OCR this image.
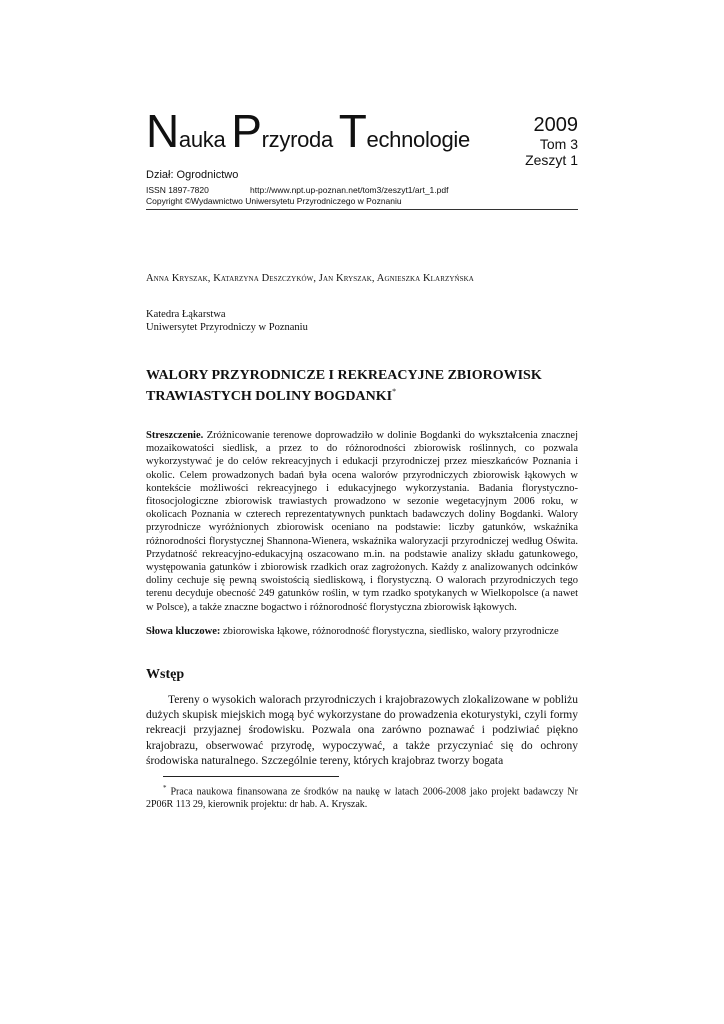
Nauka Przyroda Technologie
2009
Tom 3
Zeszyt 1
Dział: Ogrodnictwo
ISSN 1897-7820	http://www.npt.up-poznan.net/tom3/zeszyt1/art_1.pdf
Copyright ©Wydawnictwo Uniwersytetu Przyrodniczego w Poznaniu
Anna Kryszak, Katarzyna Deszczyków, Jan Kryszak, Agnieszka Klarzyńska
Katedra Łąkarstwa
Uniwersytet Przyrodniczy w Poznaniu
WALORY PRZYRODNICZE I REKREACYJNE ZBIOROWISK
TRAWIASTYCH DOLINY BOGDANKI*

Streszczenie. Zróżnicowanie terenowe doprowadziło w dolinie Bogdanki do wykształcenia znacznej mozaikowatości siedlisk, a przez to do różnorodności zbiorowisk roślinnych, co pozwala wykorzystywać je do celów rekreacyjnych i edukacji przyrodniczej przez mieszkańców Poznania i okolic. Celem prowadzonych badań była ocena walorów przyrodniczych zbiorowisk łąkowych w kontekście możliwości rekreacyjnego i edukacyjnego wykorzystania. Badania florystyczno-fitosocjologiczne zbiorowisk trawiastych prowadzono w sezonie wegetacyjnym 2006 roku, w okolicach Poznania w czterech reprezentatywnych punktach badawczych doliny Bogdanki. Walory przyrodnicze wyróżnionych zbiorowisk oceniano na podstawie: liczby gatunków, wskaźnika różnorodności florystycznej Shannona-Wienera, wskaźnika waloryzacji przyrodniczej według Oświta. Przydatność rekreacyjno-edukacyjną oszacowano m.in. na podstawie analizy składu gatunkowego, występowania gatunków i zbiorowisk rzadkich oraz zagrożonych. Każdy z analizowanych odcinków doliny cechuje się pewną swoistością siedliskową, i florystyczną. O walorach przyrodniczych tego terenu decyduje obecność 249 gatunków roślin, w tym rzadko spotykanych w Wielkopolsce (a nawet w Polsce), a także znaczne bogactwo i różnorodność florystyczna zbiorowisk łąkowych.

Słowa kluczowe: zbiorowiska łąkowe, różnorodność florystyczna, siedlisko, walory przyrodnicze

Wstęp

Tereny o wysokich walorach przyrodniczych i krajobrazowych zlokalizowane w pobliżu dużych skupisk miejskich mogą być wykorzystane do prowadzenia ekoturystyki, czyli formy rekreacji przyjaznej środowisku. Pozwala ona zarówno poznawać i podziwiać piękno krajobrazu, obserwować przyrodę, wypoczywać, a także przyczyniać się do ochrony środowiska naturalnego. Szczególnie tereny, których krajobraz tworzy bogata

* Praca naukowa finansowana ze środków na naukę w latach 2006-2008 jako projekt badawczy Nr 2P06R 113 29, kierownik projektu: dr hab. A. Kryszak.
